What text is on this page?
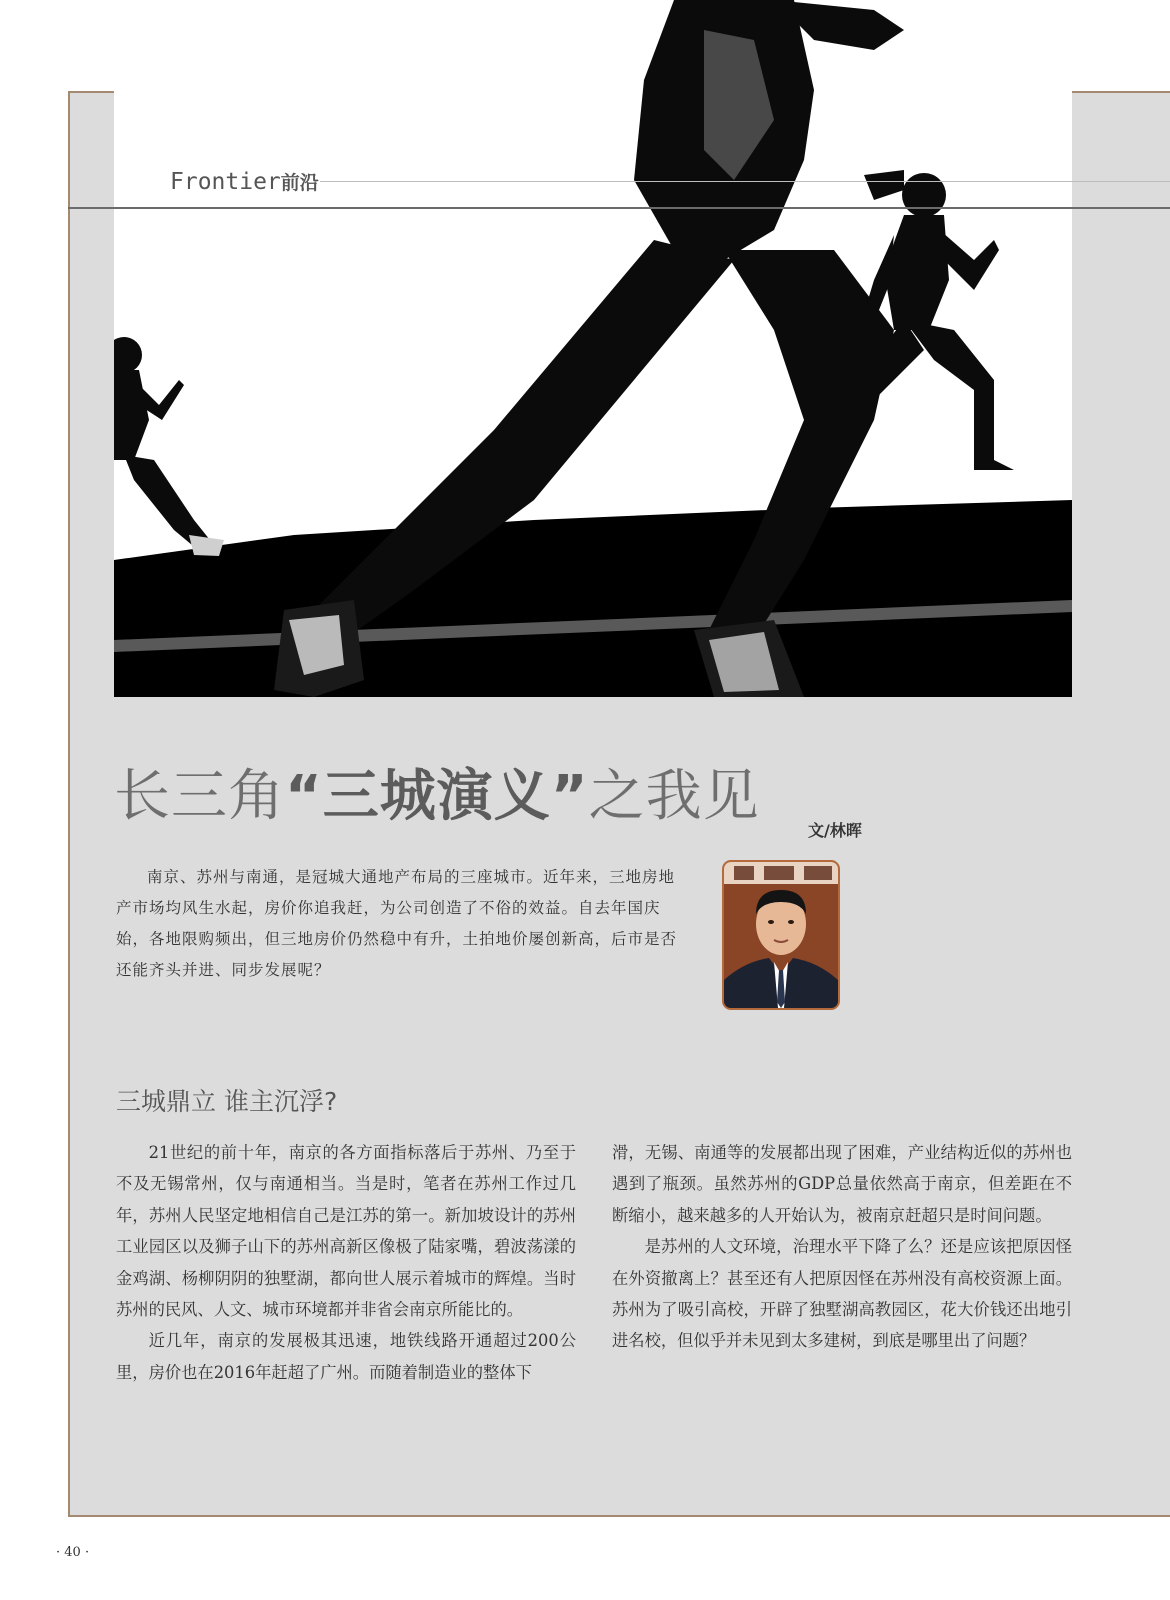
Frontier前沿
长三角“三城演义”之我见
文/林晖

南京、苏州与南通，是冠城大通地产布局的三座城市。近年来，三地房地产市场均风生水起，房价你追我赶，为公司创造了不俗的效益。自去年国庆始，各地限购频出，但三地房价仍然稳中有升，土拍地价屡创新高，后市是否还能齐头并进、同步发展呢？

三城鼎立 谁主沉浮?

21世纪的前十年，南京的各方面指标落后于苏州、乃至于不及无锡常州，仅与南通相当。当是时，笔者在苏州工作过几年，苏州人民坚定地相信自己是江苏的第一。新加坡设计的苏州工业园区以及狮子山下的苏州高新区像极了陆家嘴，碧波荡漾的金鸡湖、杨柳阴阴的独墅湖，都向世人展示着城市的辉煌。当时苏州的民风、人文、城市环境都并非省会南京所能比的。

近几年，南京的发展极其迅速，地铁线路开通超过200公里，房价也在2016年赶超了广州。而随着制造业的整体下

滑，无锡、南通等的发展都出现了困难，产业结构近似的苏州也遇到了瓶颈。虽然苏州的GDP总量依然高于南京，但差距在不断缩小，越来越多的人开始认为，被南京赶超只是时间问题。

是苏州的人文环境，治理水平下降了么？还是应该把原因怪在外资撤离上？甚至还有人把原因怪在苏州没有高校资源上面。苏州为了吸引高校，开辟了独墅湖高教园区，花大价钱还出地引进名校，但似乎并未见到太多建树，到底是哪里出了问题？

· 40 ·
